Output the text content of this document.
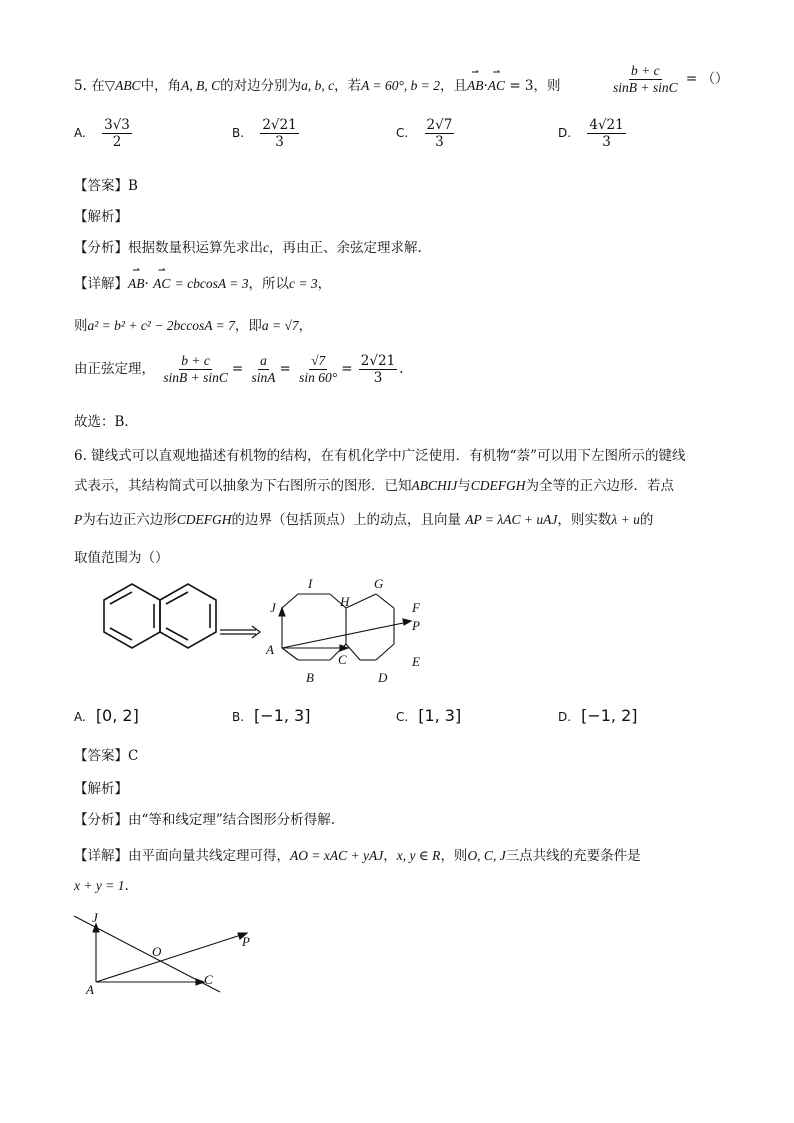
5. 在▽ABC中，角A, B, C的对边分别为a, b, c，若A = 60°, b = 2，且⇀ AB·⇀ AC = 3，则	$\frac{b + c}{\sin B + \sin C}$ = （）
A. $\frac{3√3}{2}$	B. $\frac{2√21}{3}$	C. $\frac{2√7}{3}$	D. $\frac{4√21}{3}$
【答案】B
【解析】
【分析】根据数量积运算先求出c，再由正、余弦定理求解.
【详解】⇀ AB· ⇀ AC = cbcosA = 3，所以c = 3，
则a² = b² + c² − 2bccosA = 7，即a = √7，
由正弦定理， $\frac{b + c}{\sin B + \sin C} = \frac{a}{\sin A} = \frac{√7}{\sin 60^\circ} = \frac{2√21}{3}$ .
故选：B．
6. 键线式可以直观地描述有机物的结构，在有机化学中广泛使用．有机物“萘”可以用下左图所示的键线
式表示，其结构简式可以抽象为下右图所示的图形．已知ABCHIJ与CDEFGH为全等的正六边形．若点
P为右边正六边形CDEFGH的边界（包括顶点）上的动点，且向量 AP = λAC + uAJ，则实数λ + u的
取值范围为（）
I	G
J	H	F
P
A
C	E
B	D
A. [0, 2]	B. [−1, 3]	C. [1, 3]	D. [−1, 2]
【答案】C
【解析】
【分析】由“等和线定理”结合图形分析得解.
【详解】由平面向量共线定理可得，AO = xAC + yAJ，x, y ∈ R，则O, C, J三点共线的充要条件是
x + y = 1.
J
O
P
A
C
